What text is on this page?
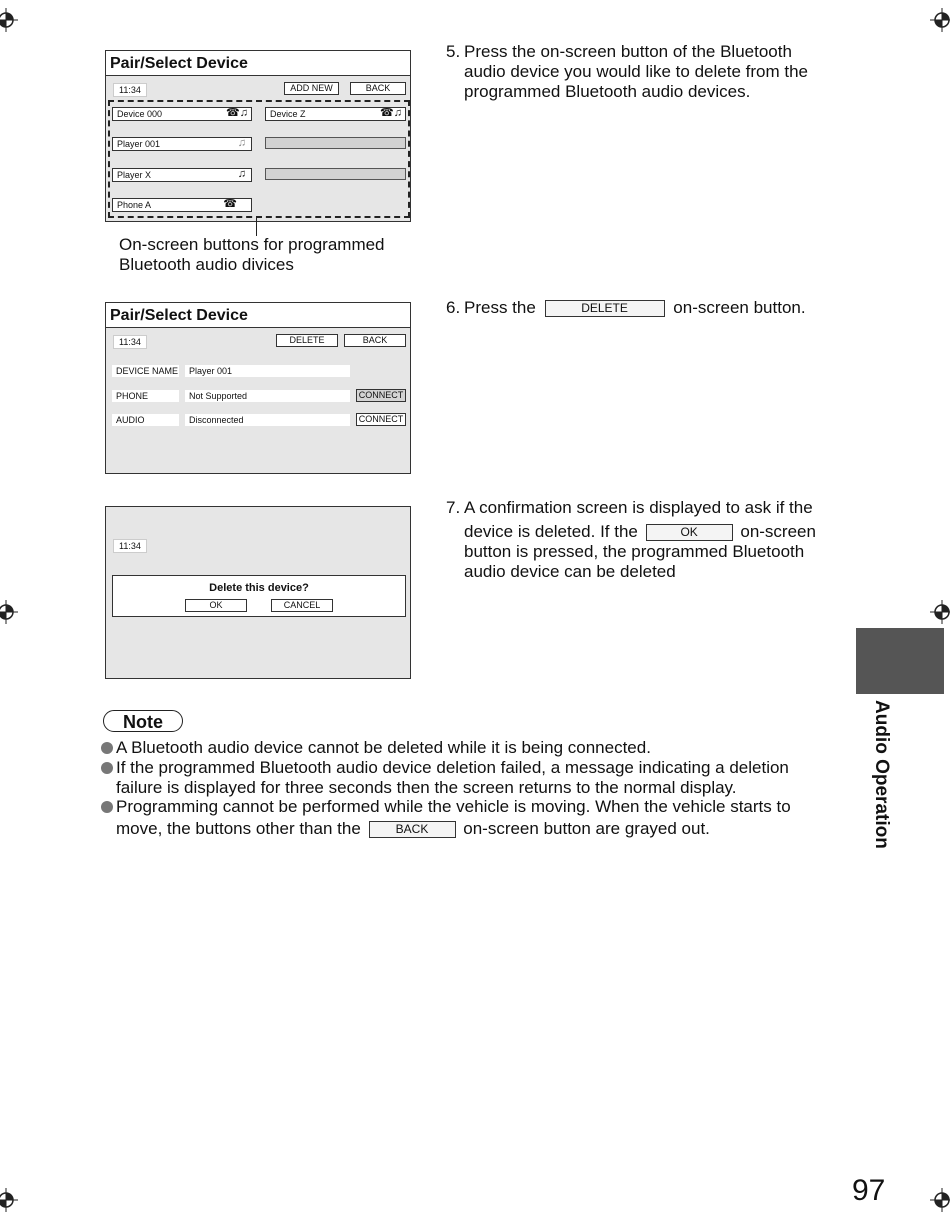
Pair/Select Device
11:34	ADD NEW	BACK
Device 000	☎♫
Player 001	♫
Player X	♫
Phone A	☎
Device Z	☎♫
On-screen buttons for programmed Bluetooth audio divices
5. Press the on-screen button of the Bluetooth audio device you would like to delete from the programmed Bluetooth audio devices.
Pair/Select Device
11:34	DELETE	BACK
DEVICE NAME	Player 001
PHONE	Not Supported	CONNECT
AUDIO	Disconnected	CONNECT
6. Press the	DELETE	on-screen button.
11:34
Delete this device?
OK	CANCEL
7. A confirmation screen is displayed to ask if the
device is deleted. If the	OK	on-screen
button is pressed, the programmed Bluetooth audio device can be deleted
Note
A Bluetooth audio device cannot be deleted while it is being connected.
If the programmed Bluetooth audio device deletion failed, a message indicating a deletion failure is displayed for three seconds then the screen returns to the normal display.
Programming cannot be performed while the vehicle is moving. When the vehicle starts to
move, the buttons other than the	BACK on-screen button are grayed out.	Audio Operation
97
